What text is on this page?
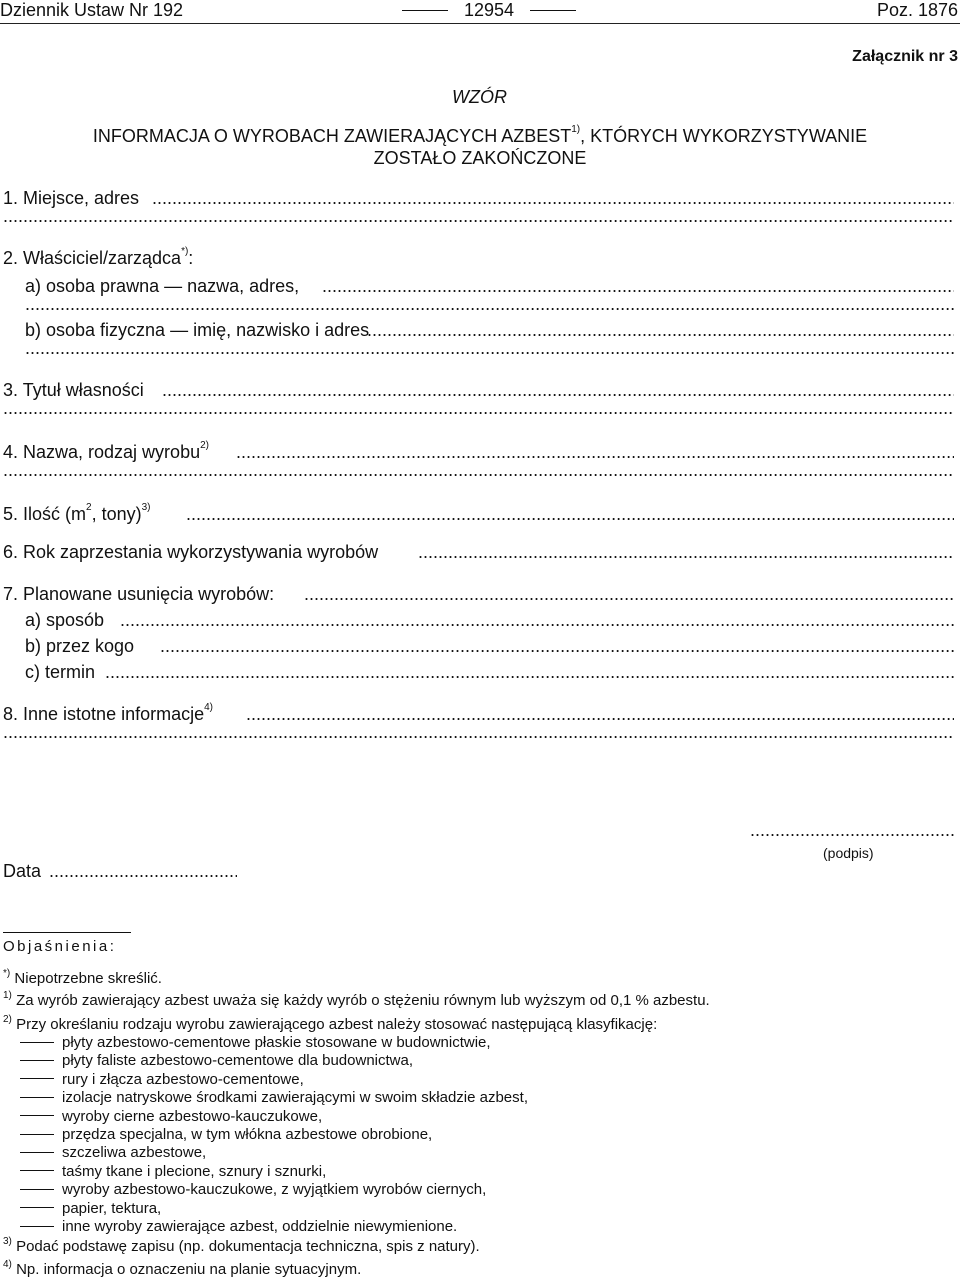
Dziennik Ustaw Nr 192	12954	Poz. 1876
Załącznik nr 3
WZÓR
INFORMACJA O WYROBACH ZAWIERAJĄCYCH AZBEST$^{1)}$, KTÓRYCH WYKORZYSTYWANIE
ZOSTAŁO ZAKOŃCZONE
1. Miejsce, adres
.....
.....
2. Właściciel/zarządca*):
a) osoba prawna — nazwa, adres,
.....
.....
b) osoba fizyczna — imię, nazwisko i adres
.....
.....
3. Tytuł własności
.....
.....
4. Nazwa, rodzaj wyrobu$^{2)}$
.....
.....
5. Ilość ($m^2$, tony)$^{3)}$
.....
6. Rok zaprzestania wykorzystywania wyrobów
.....
7. Planowane usunięcia wyrobów:
.....
a) sposób
.....
b) przez kogo
.....
c) termin
.....
8. Inne istotne informacje$^{4)}$
.....
.....
.....
(podpis)
Data
.....
Objaśnienia:
*) Niepotrzebne skreślić.
$^{1)}$ Za wyrób zawierający azbest uważa się każdy wyrób o stężeniu równym lub wyższym od 0,1 % azbestu.
$^{2)}$ Przy określaniu rodzaju wyrobu zawierającego azbest należy stosować następującą klasyfikację:
płyty azbestowo-cementowe płaskie stosowane w budownictwie,
płyty faliste azbestowo-cementowe dla budownictwa,
rury i złącza azbestowo-cementowe,
izolacje natryskowe środkami zawierającymi w swoim składzie azbest,
wyroby cierne azbestowo-kauczukowe,
przędza specjalna, w tym włókna azbestowe obrobione,
szczeliwa azbestowe,
taśmy tkane i plecione, sznury i sznurki,
wyroby azbestowo-kauczukowe, z wyjątkiem wyrobów ciernych,
papier, tektura,
inne wyroby zawierające azbest, oddzielnie niewymienione.
$^{3)}$ Podać podstawę zapisu (np. dokumentacja techniczna, spis z natury).
$^{4)}$ Np. informacja o oznaczeniu na planie sytuacyjnym.
